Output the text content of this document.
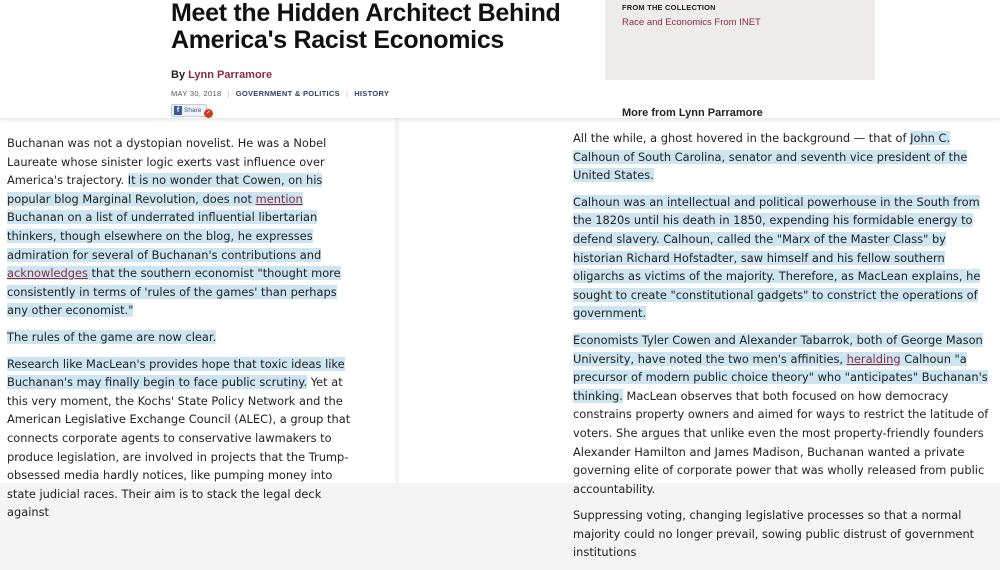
Buchanan was not a dystopian novelist. He was a Nobel Laureate whose sinister logic exerts vast influence over America's trajectory. It is no wonder that Cowen, on his popular blog Marginal Revolution, does not mention Buchanan on a list of underrated influential libertarian thinkers, though elsewhere on the blog, he expresses admiration for several of Buchanan's contributions and acknowledges that the southern economist "thought more consistently in terms of 'rules of the games' than perhaps any other economist."

The rules of the game are now clear.

Research like MacLean's provides hope that toxic ideas like Buchanan's may finally begin to face public scrutiny. Yet at this very moment, the Kochs' State Policy Network and the American Legislative Exchange Council (ALEC), a group that connects corporate agents to conservative lawmakers to produce legislation, are involved in projects that the Trump-obsessed media hardly notices, like pumping money into state judicial races. Their aim is to stack the legal deck against

All the while, a ghost hovered in the background — that of John C. Calhoun of South Carolina, senator and seventh vice president of the United States.

Calhoun was an intellectual and political powerhouse in the South from the 1820s until his death in 1850, expending his formidable energy to defend slavery. Calhoun, called the "Marx of the Master Class" by historian Richard Hofstadter, saw himself and his fellow southern oligarchs as victims of the majority. Therefore, as MacLean explains, he sought to create "constitutional gadgets" to constrict the operations of government.

Economists Tyler Cowen and Alexander Tabarrok, both of George Mason University, have noted the two men's affinities, heralding Calhoun "a precursor of modern public choice theory" who "anticipates" Buchanan's thinking. MacLean observes that both focused on how democracy constrains property owners and aimed for ways to restrict the latitude of voters. She argues that unlike even the most property-friendly founders Alexander Hamilton and James Madison, Buchanan wanted a private governing elite of corporate power that was wholly released from public accountability.

Suppressing voting, changing legislative processes so that a normal majority could no longer prevail, sowing public distrust of government institutions

Meet the Hidden Architect Behind America's Racist Economics
By Lynn Parramore
MAY 30, 2018 | GOVERNMENT & POLITICS | HISTORY
f Share ✓
FROM THE COLLECTION
Race and Economics From INET
More from Lynn Parramore
